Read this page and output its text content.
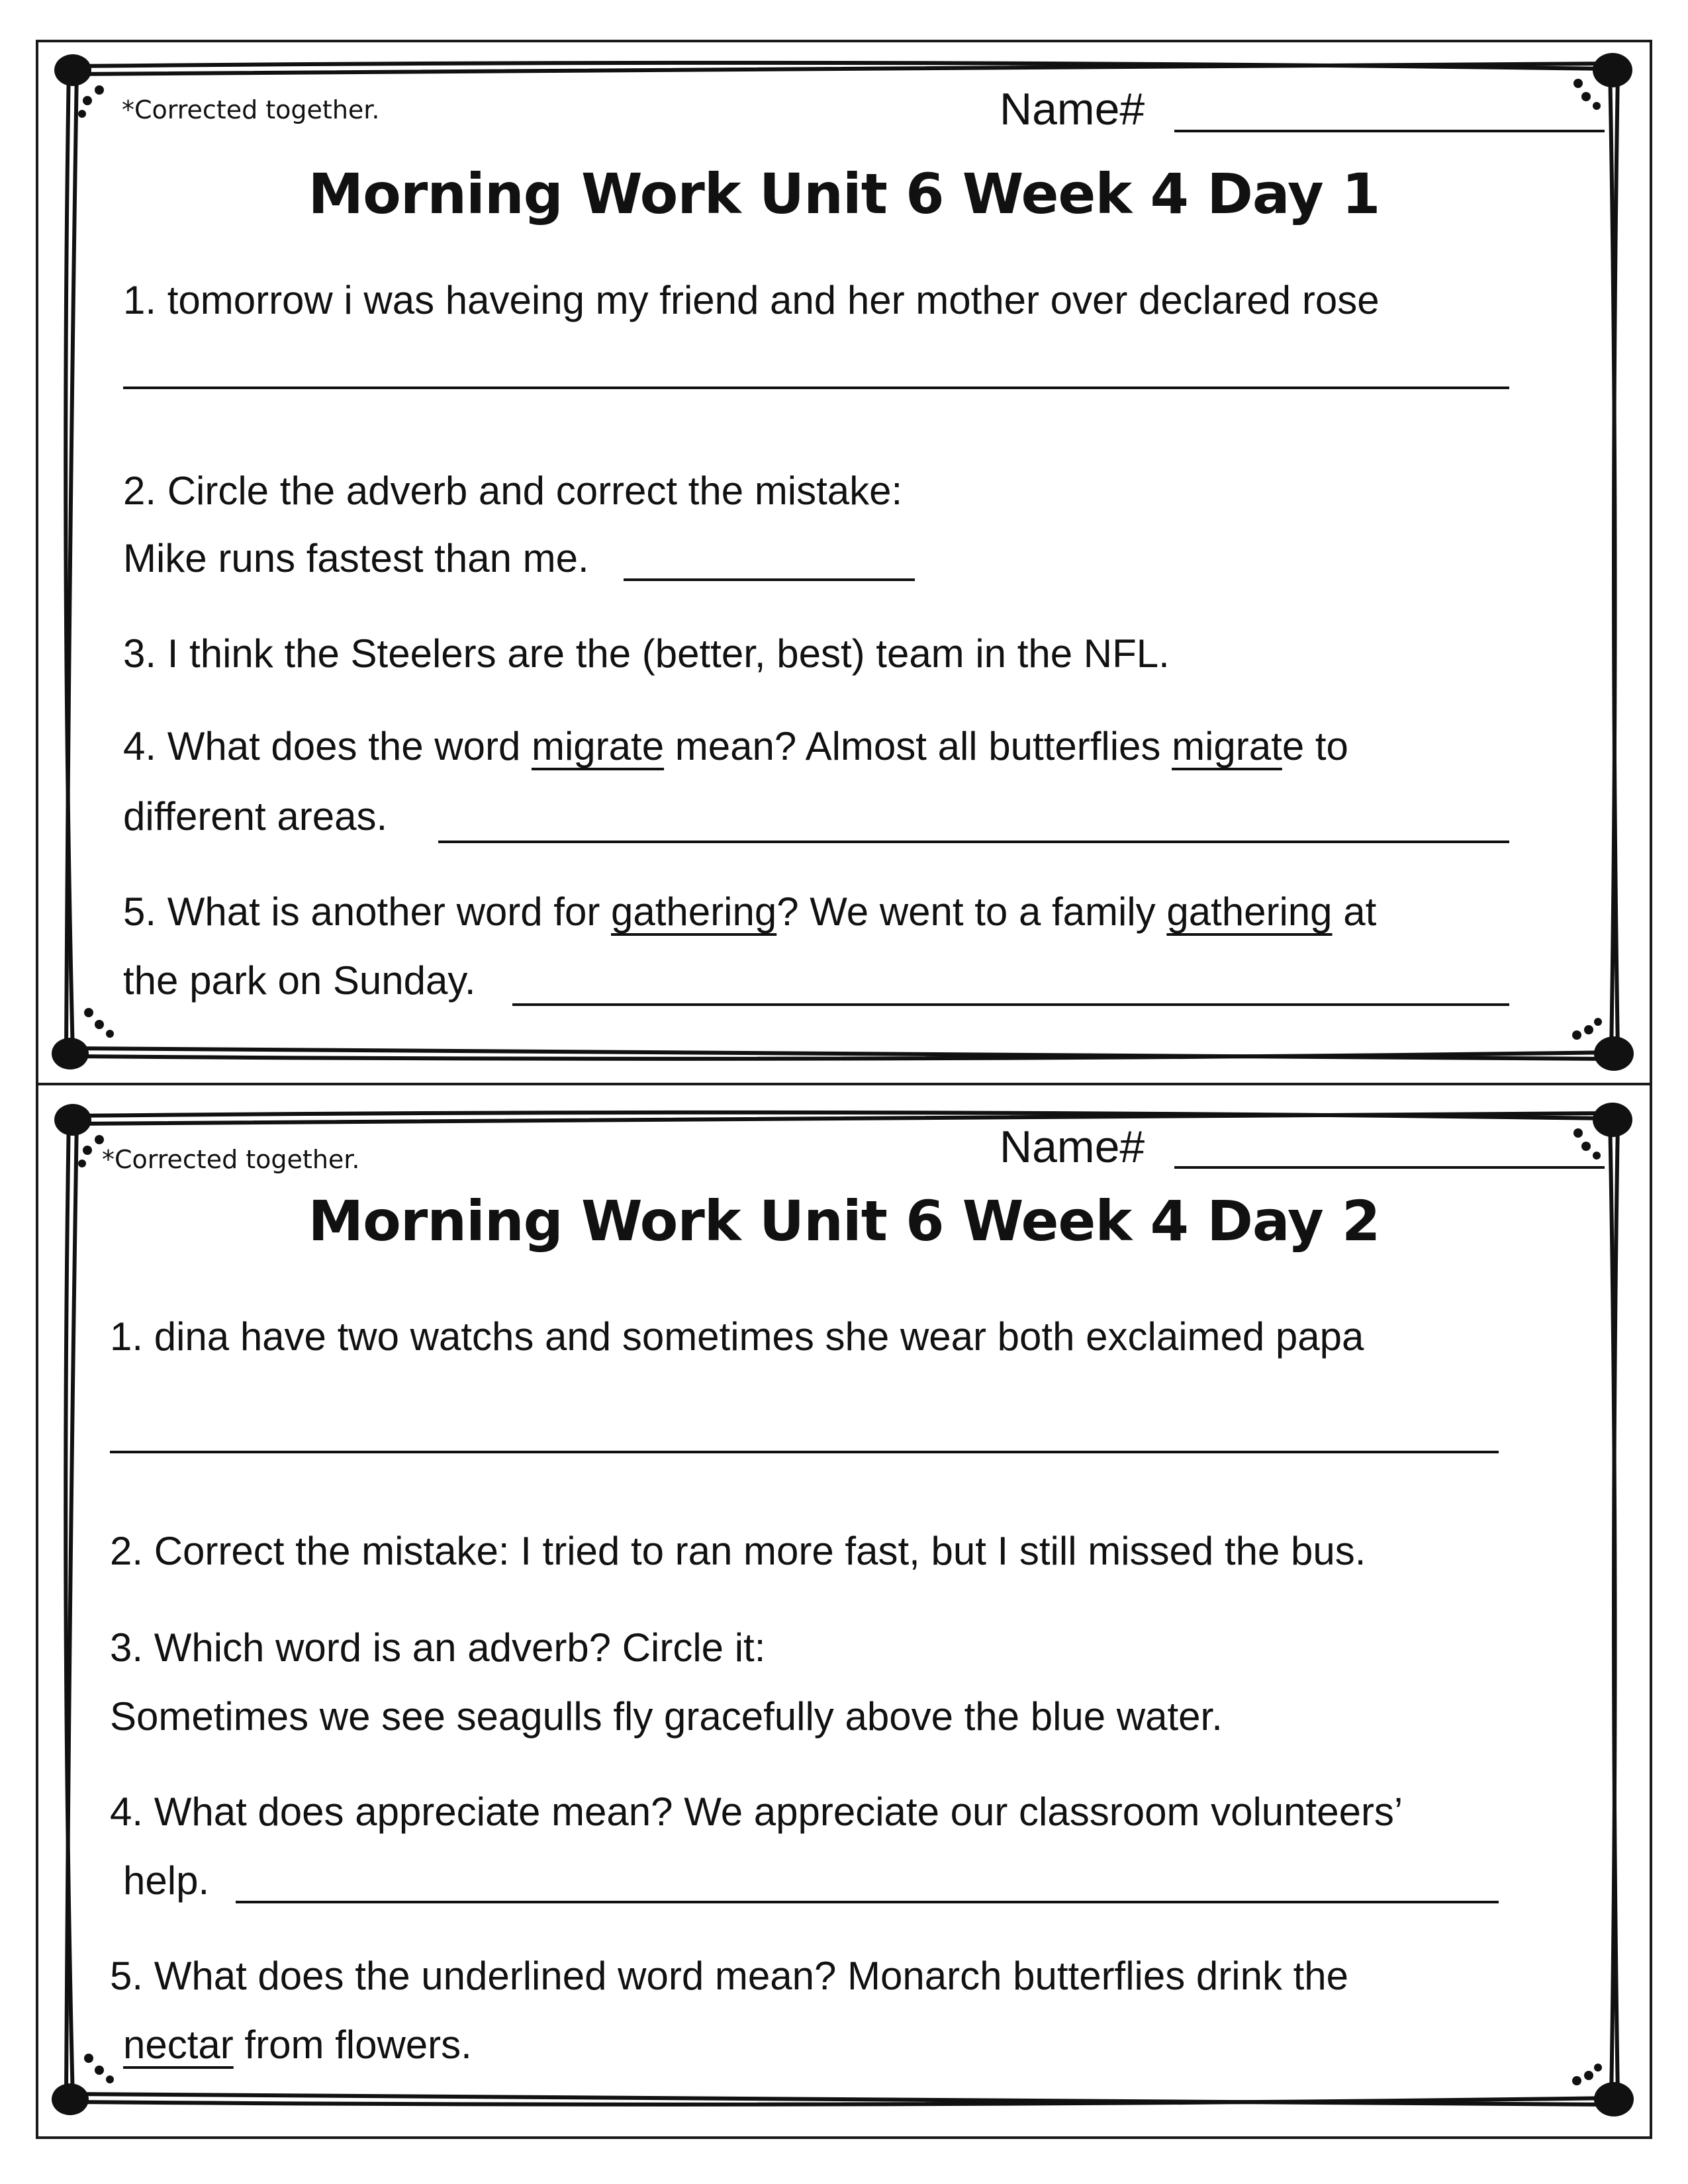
*Corrected together.	Name#
Morning Work Unit 6 Week 4 Day 1
1. tomorrow i was haveing my friend and her mother over declared rose
2. Circle the adverb and correct the mistake:
Mike runs fastest than me.
3. I think the Steelers are the (better, best) team in the NFL.
4. What does the word migrate mean? Almost all butterflies migrate to
different areas.
5. What is another word for gathering? We went to a family gathering at
the park on Sunday.
*Corrected together.	Name#
Morning Work Unit 6 Week 4 Day 2
1. dina have two watchs and sometimes she wear both exclaimed papa
2. Correct the mistake: I tried to ran more fast, but I still missed the bus.
3. Which word is an adverb? Circle it:
Sometimes we see seagulls fly gracefully above the blue water.
4. What does appreciate mean? We appreciate our classroom volunteers’
help.
5. What does the underlined word mean? Monarch butterflies drink the
nectar from flowers.
